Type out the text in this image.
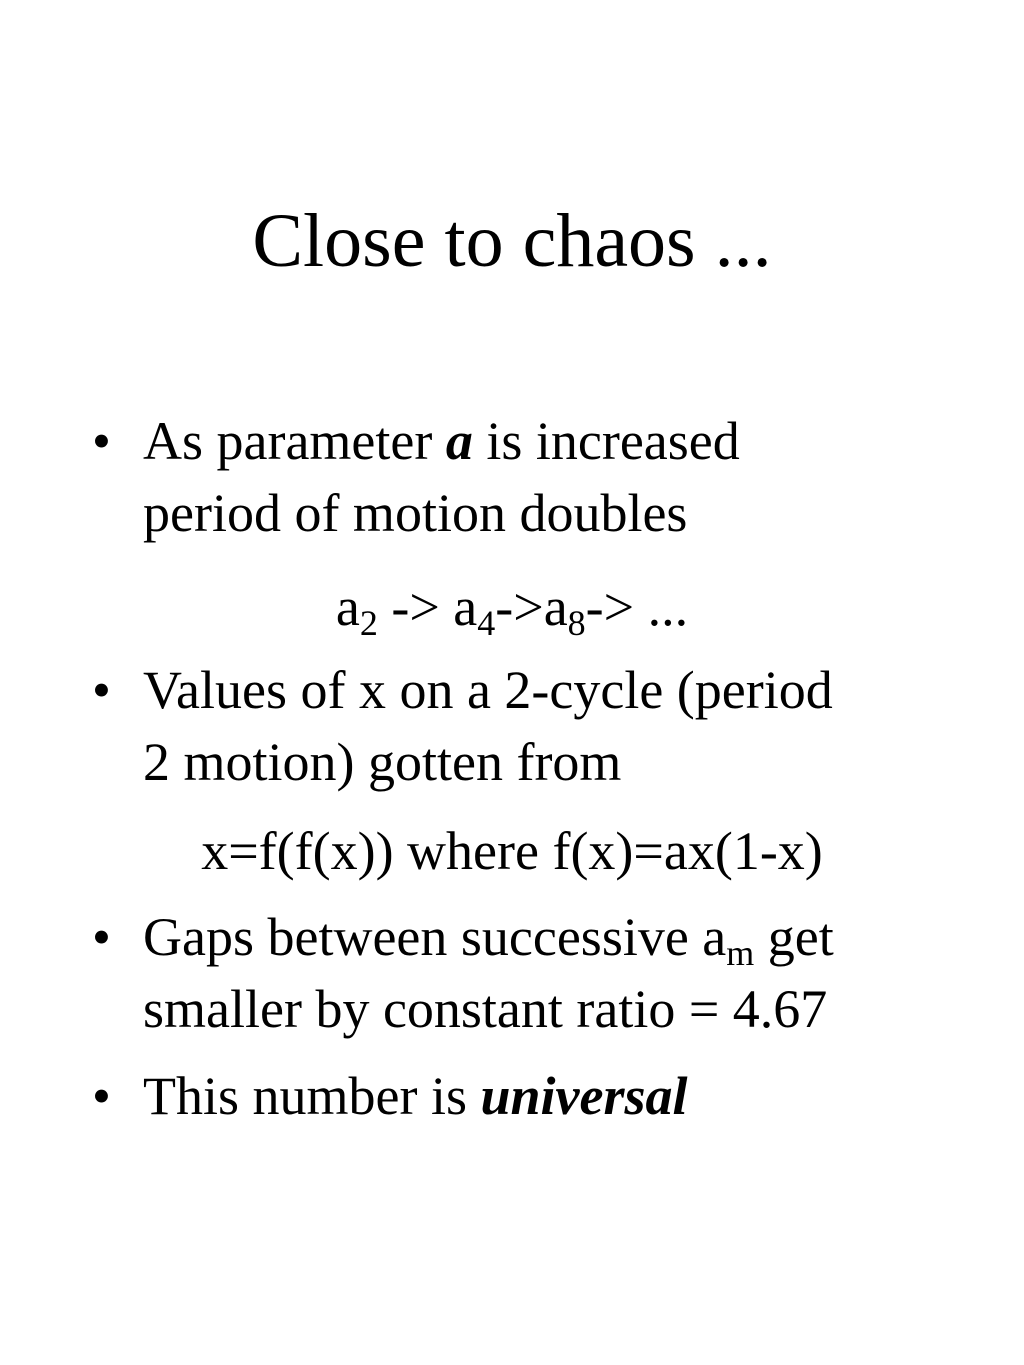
Close to chaos ...
• As parameter a is increased
period of motion doubles
$a_2 -> a_4->a_8->$ ...
• Values of x on a 2-cycle (period
2 motion) gotten from
x=f(f(x)) where f(x)=ax(1-x)
• Gaps between successive $a_m$ get
smaller by constant ratio = 4.67
• This number is universal
